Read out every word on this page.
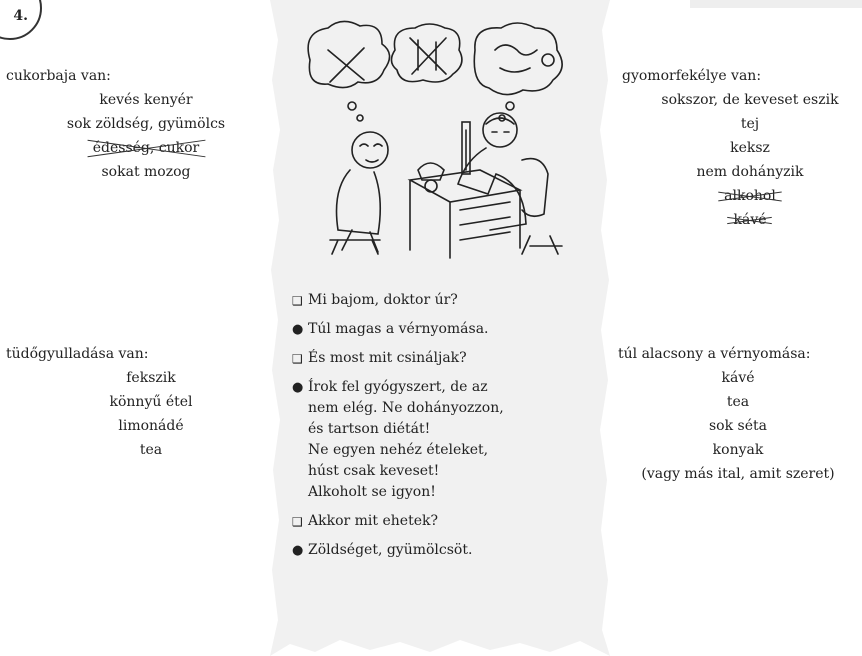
4.
cukorbaja van:
kevés kenyér
sok zöldség, gyümölcs
édesség, cukor
sokat mozog
tüdőgyulladása van:
fekszik
könnyű étel
limonádé
tea
gyomorfekélye van:
sokszor, de keveset eszik
tej
keksz
nem dohányzik
alkohol
kávé
túl alacsony a vérnyomása:
kávé
tea
sok séta
konyak
(vagy más ital, amit szeret)
❑ Mi bajom, doktor úr?
● Túl magas a vérnyomása.
❑ És most mit csináljak?
● Írok fel gyógyszert, de az
nem elég. Ne dohányozzon,
és tartson diétát!
Ne egyen nehéz ételeket,
húst csak keveset!
Alkoholt se igyon!
❑ Akkor mit ehetek?
● Zöldséget, gyümölcsöt.
